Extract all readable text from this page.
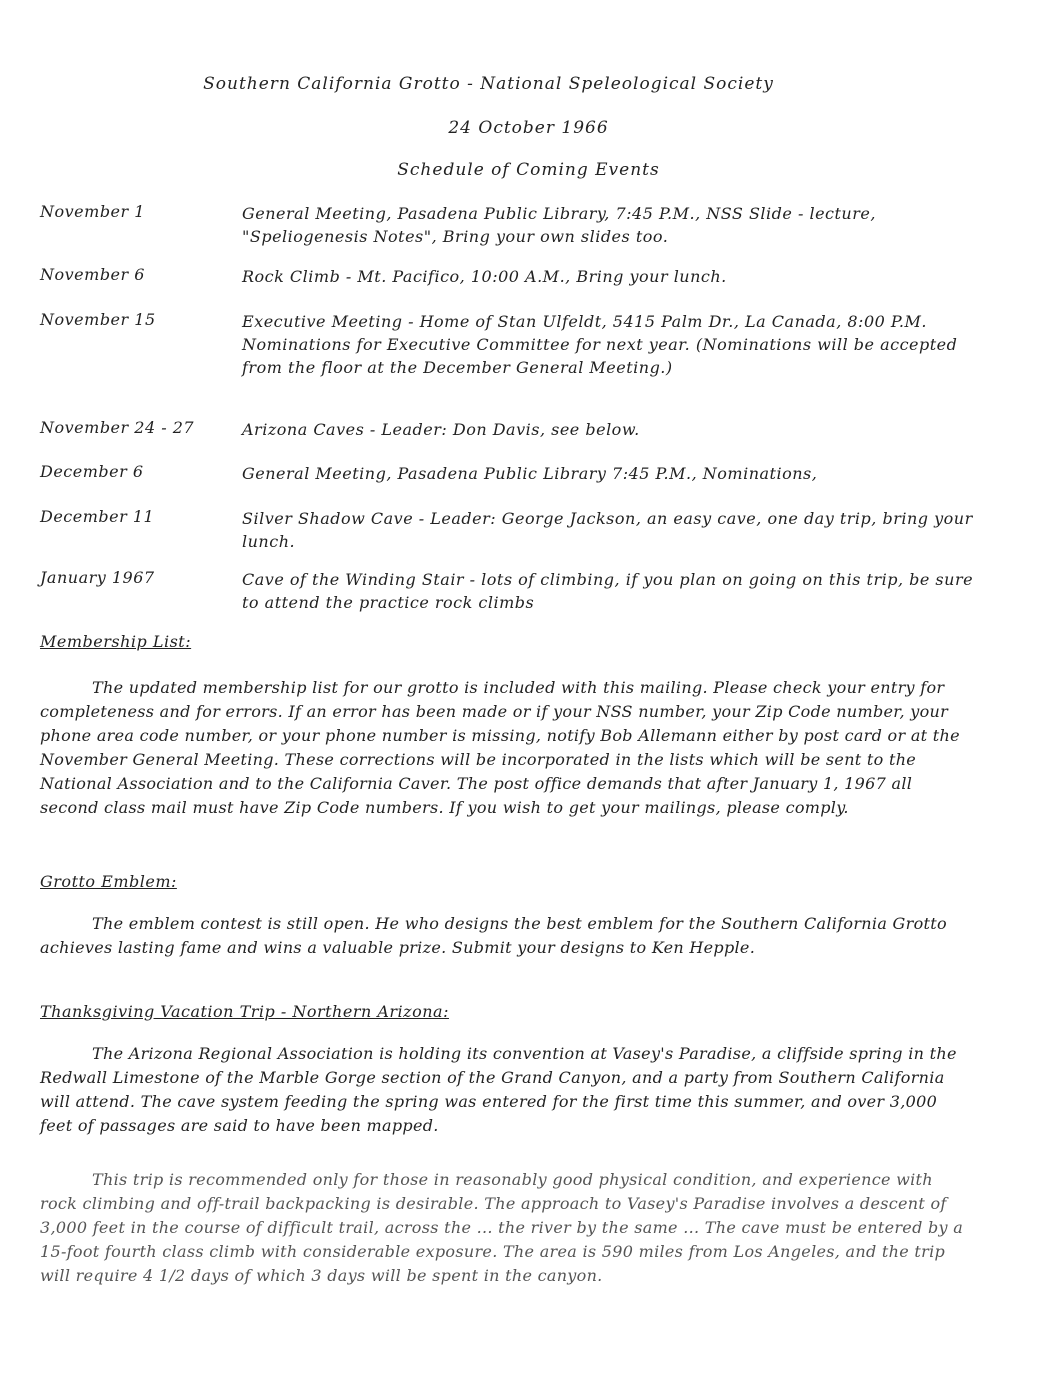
Southern California Grotto - National Speleological Society
24 October 1966
Schedule of Coming Events
November 1	General Meeting, Pasadena Public Library, 7:45 P.M., NSS Slide - lecture, "Speliogenesis Notes", Bring your own slides too.
November 6	Rock Climb - Mt. Pacifico, 10:00 A.M., Bring your lunch.
November 15	Executive Meeting - Home of Stan Ulfeldt, 5415 Palm Dr., La Canada, 8:00 P.M. Nominations for Executive Committee for next year. (Nominations will be accepted from the floor at the December General Meeting.)
November 24 - 27	Arizona Caves - Leader: Don Davis, see below.
December 6	General Meeting, Pasadena Public Library 7:45 P.M., Nominations,
December 11	Silver Shadow Cave - Leader: George Jackson, an easy cave, one day trip, bring your lunch.
January 1967	Cave of the Winding Stair - lots of climbing, if you plan on going on this trip, be sure to attend the practice rock climbs
Membership List:
The updated membership list for our grotto is included with this mailing. Please check your entry for completeness and for errors. If an error has been made or if your NSS number, your Zip Code number, your phone area code number, or your phone number is missing, notify Bob Allemann either by post card or at the November General Meeting. These corrections will be incorporated in the lists which will be sent to the National Association and to the California Caver. The post office demands that after January 1, 1967 all second class mail must have Zip Code numbers. If you wish to get your mailings, please comply.
Grotto Emblem:
The emblem contest is still open. He who designs the best emblem for the Southern California Grotto achieves lasting fame and wins a valuable prize. Submit your designs to Ken Hepple.
Thanksgiving Vacation Trip - Northern Arizona:
The Arizona Regional Association is holding its convention at Vasey's Paradise, a cliffside spring in the Redwall Limestone of the Marble Gorge section of the Grand Canyon, and a party from Southern California will attend. The cave system feeding the spring was entered for the first time this summer, and over 3,000 feet of passages are said to have been mapped.
This trip is recommended only for those in reasonably good physical condition, and experience with rock climbing and off-trail backpacking is desirable. The approach to Vasey's Paradise involves a descent of 3,000 feet in the course of difficult trail, across the ... the river by the same ... The cave must be entered by a 15-foot fourth class climb with considerable exposure. The area is 590 miles from Los Angeles, and the trip will require 4 1/2 days of which 3 days will be spent in the canyon.
